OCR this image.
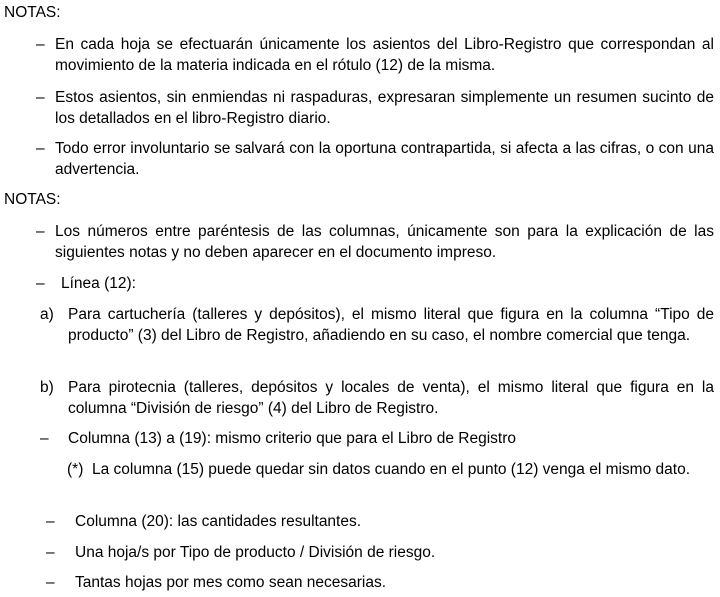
NOTAS:
– En cada hoja se efectuarán únicamente los asientos del Libro-Registro que correspondan al movimiento de la materia indicada en el rótulo (12) de la misma.
– Estos asientos, sin enmiendas ni raspaduras, expresaran simplemente un resumen sucinto de los detallados en el libro-Registro diario.
– Todo error involuntario se salvará con la oportuna contrapartida, si afecta a las cifras, o con una advertencia.
NOTAS:
– Los números entre paréntesis de las columnas, únicamente son para la explicación de las siguientes notas y no deben aparecer en el documento impreso.
–	Línea (12):
a) Para cartuchería (talleres y depósitos), el mismo literal que figura en la columna “Tipo de producto” (3) del Libro de Registro, añadiendo en su caso, el nombre comercial que tenga.
b) Para pirotecnia (talleres, depósitos y locales de venta), el mismo literal que figura en la columna “División de riesgo” (4) del Libro de Registro.
–	Columna (13) a (19): mismo criterio que para el Libro de Registro
(*) La columna (15) puede quedar sin datos cuando en el punto (12) venga el mismo dato.
–	Columna (20): las cantidades resultantes.
–	Una hoja/s por Tipo de producto / División de riesgo.
–	Tantas hojas por mes como sean necesarias.
